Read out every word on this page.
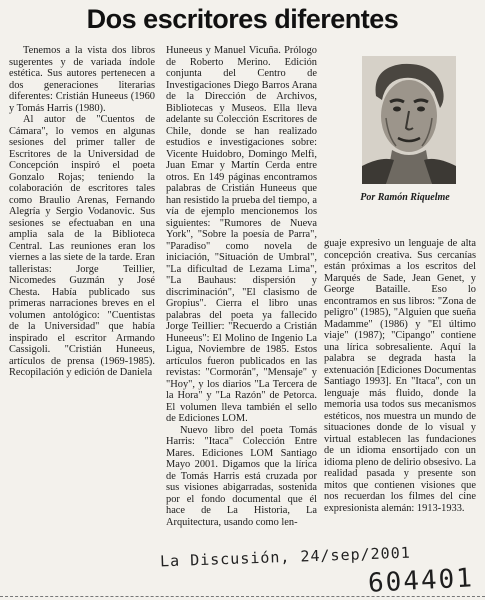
Dos escritores diferentes

Tenemos a la vista dos libros sugerentes y de variada índole estética. Sus autores pertenecen a dos generaciones literarias diferentes: Cristián Huneeus (1960 y Tomás Harris (1980).

Al autor de "Cuentos de Cámara", lo vemos en algunas sesiones del primer taller de Escritores de la Universidad de Concepción inspiró el poeta Gonzalo Rojas; teniendo la colaboración de escritores tales como Braulio Arenas, Fernando Alegría y Sergio Vodanovic. Sus sesiones se efectuaban en una amplia sala de la Biblioteca Central. Las reuniones eran los viernes a las siete de la tarde. Eran talleristas: Jorge Teillier, Nicomedes Guzmán y José Chesta. Había publicado sus primeras narraciones breves en el volumen antológico: "Cuentistas de la Universidad" que había inspirado el escritor Armando Cassigoli. "Cristián Huneeus, artículos de prensa (1969-1985). Recopilación y edición de Daniela

Huneeus y Manuel Vicuña. Prólogo de Roberto Merino. Edición conjunta del Centro de Investigaciones Diego Barros Arana de la Dirección de Archivos, Bibliotecas y Museos. Ella lleva adelante su Colección Escritores de Chile, donde se han realizado estudios e investigaciones sobre: Vicente Huidobro, Domingo Melfi, Juan Emar y Martín Cerda entre otros. En 149 páginas encontramos palabras de Cristián Huneeus que han resistido la prueba del tiempo, a vía de ejemplo mencionemos los siguientes: "Rumores de Nueva York", "Sobre la poesía de Parra", "Paradiso" como novela de iniciación, "Situación de Umbral", "La dificultad de Lezama Lima", "La Bauhaus: dispersión y discriminación", "El clasismo de Gropius". Cierra el libro unas palabras del poeta ya fallecido Jorge Teillier: "Recuerdo a Cristián Huneeus": El Molino de Ingenio La Ligua, Noviembre de 1985. Estos artículos fueron publicados en las revistas: "Cormorán", "Mensaje" y "Hoy", y los diarios "La Tercera de la Hora" y "La Razón" de Petorca. El volumen lleva también el sello de Ediciones LOM.

Nuevo libro del poeta Tomás Harris: "Itaca" Colección Entre Mares. Ediciones LOM Santiago Mayo 2001. Digamos que la lírica de Tomás Harris está cruzada por sus visiones abigarradas, sostenida por el fondo documental que él hace de La Historia, La Arquitectura, usando como len-

Por Ramón Riquelme

guaje expresivo un lenguaje de alta concepción creativa. Sus cercanías están próximas a los escritos del Marqués de Sade, Jean Genet, y George Bataille. Eso lo encontramos en sus libros: "Zona de peligro" (1985), "Alguien que sueña Madamme" (1986) y "El último viaje" (1987); "Cipango" contiene una lírica sobresaliente. Aquí la palabra se degrada hasta la extenuación [Ediciones Documentas Santiago 1993]. En "Itaca", con un lenguaje más fluido, donde la memoria usa todos sus mecanismos estéticos, nos muestra un mundo de situaciones donde de lo visual y virtual establecen las fundaciones de un idioma ensortijado con un idioma pleno de delirio obsesivo. La realidad pasada y presente son mitos que contienen visiones que nos recuerdan los filmes del cine expresionista alemán: 1913-1933.

La Discusión, 24/sep/2001
604401
